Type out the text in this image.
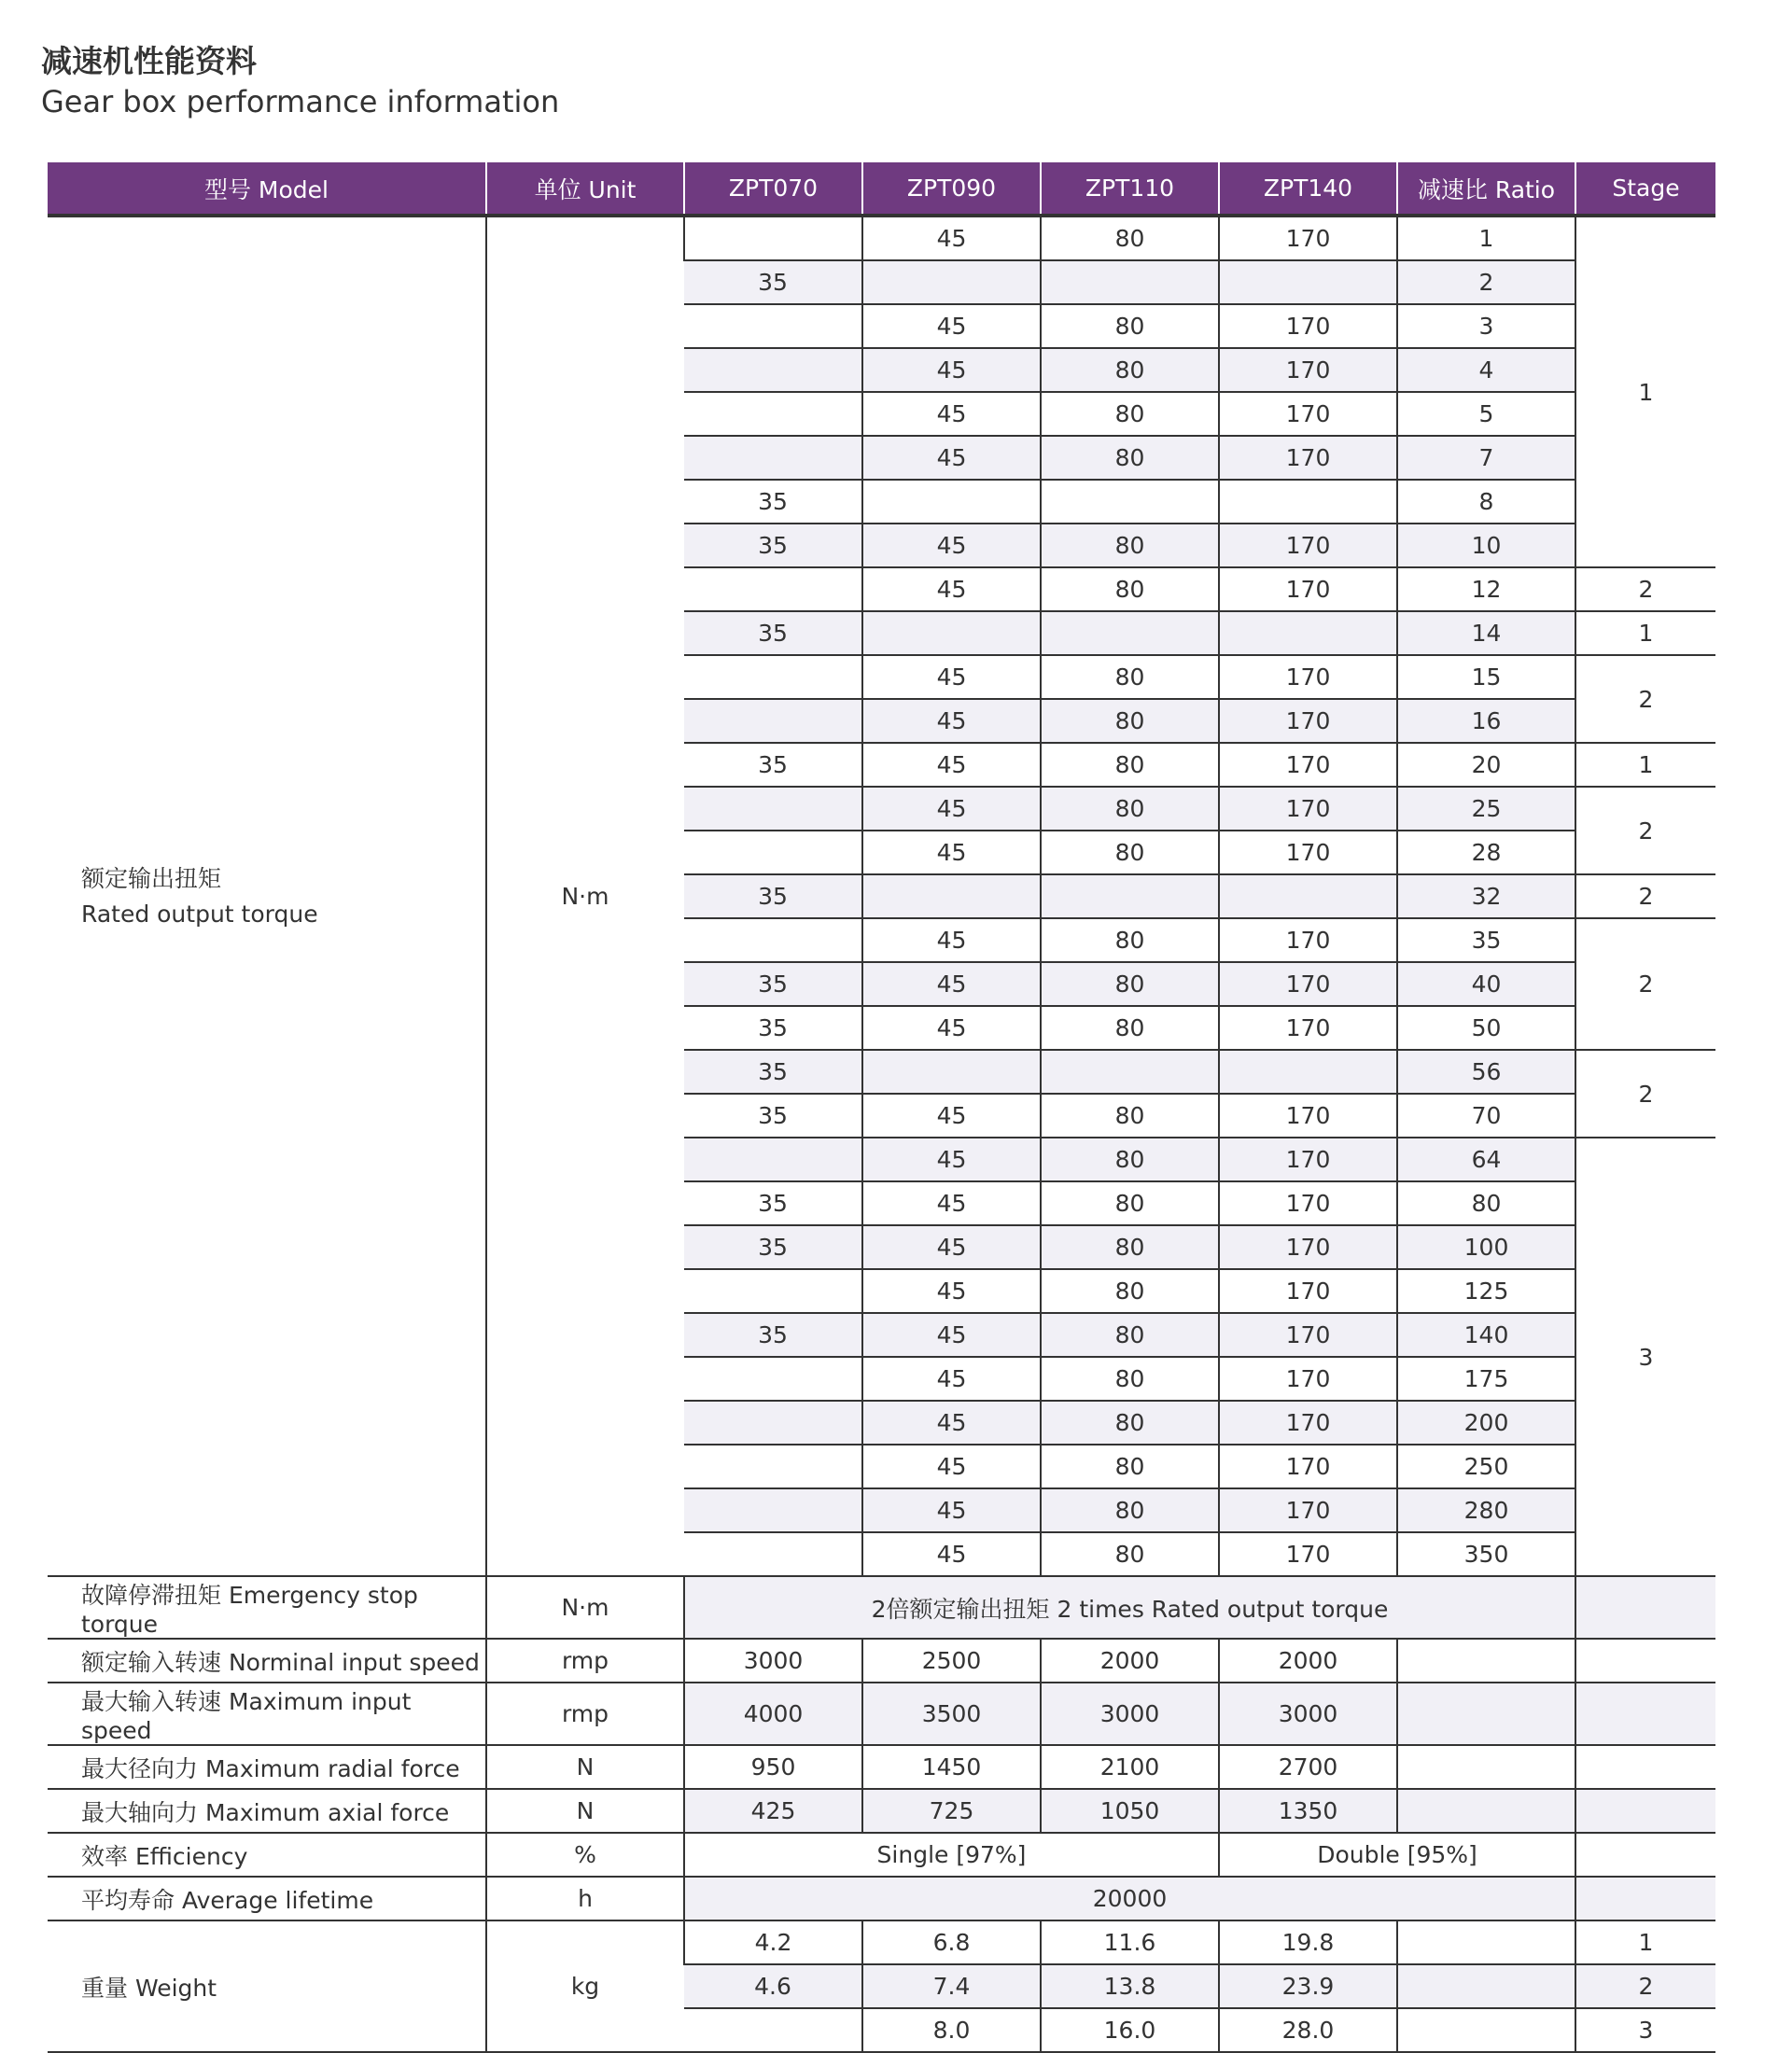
减速机性能资料
Gear box performance information
型号 Model	单位 Unit	ZPT070	ZPT090	ZPT110	ZPT140	减速比 Ratio	Stage

额定输出扭矩
Rated output torque	N·m		45	80	170	1	1
		35				2	
			45	80	170	3	
			45	80	170	4	
			45	80	170	5	
			45	80	170	7	
		35				8	
		35	45	80	170	10	
			45	80	170	12	2
		35				14	1
			45	80	170	15	2
			45	80	170	16	
		35	45	80	170	20	1
			45	80	170	25	2
			45	80	170	28	
		35				32	2
			45	80	170	35	2
		35	45	80	170	40	
		35	45	80	170	50	
		35				56	2
		35	45	80	170	70	
			45	80	170	64	3
		35	45	80	170	80	
		35	45	80	170	100	
			45	80	170	125	
		35	45	80	170	140	
			45	80	170	175	
			45	80	170	200	
			45	80	170	250	
			45	80	170	280	
			45	80	170	350	
故障停滞扭矩 Emergency stop torque	N·m	2倍额定输出扭矩 2 times Rated output torque					
额定输入转速 Norminal input speed	rmp	3000	2500	2000	2000		
最大输入转速 Maximum input speed	rmp	4000	3500	3000	3000		
最大径向力 Maximum radial force	N	950	1450	2100	2700		
最大轴向力 Maximum axial force	N	425	725	1050	1350		
效率 Efficiency	%	Single [97%]			Double [95%]		
平均寿命 Average lifetime	h	20000					
重量 Weight	kg	4.2	6.8	11.6	19.8		1
		4.6	7.4	13.8	23.9		2
			8.0	16.0	28.0		3
